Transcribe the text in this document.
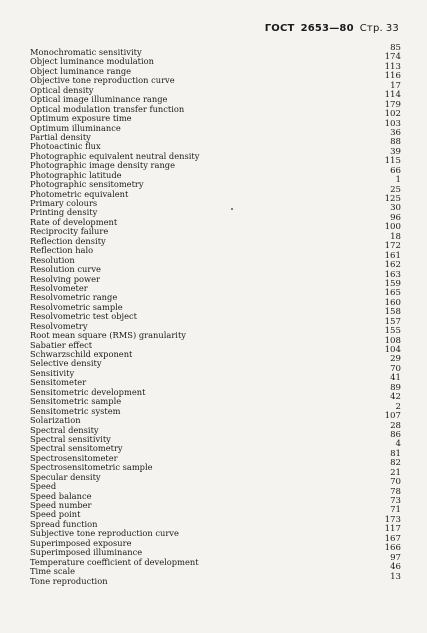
ГОСТ 2653—80 Стр. 33
Monochromatic sensitivity	85
Object luminance modulation	174
Object luminance range	113
Objective tone reproduction curve	116
Optical density	17
Optical image illuminance range	114
Optical modulation transfer function	179
Optimum exposure time	102
Optimum illuminance	103
Partial density	36
Photoactinic flux	88
Photographic equivalent neutral density	39
Photographic image density range	115
Photographic latitude	66
Photographic sensitometry	1
Photometric equivalent	25
Primary colours	125
Printing density	30
Rate of development	96
Reciprocity failure	100
Reflection density	18
Reflection halo	172
Resolution	161
Resolution curve	162
Resolving power	163
Resolvometer	159
Resolvometric range	165
Resolvometric sample	160
Resolvometric test object	158
Resolvometry	157
Root mean square (RMS) granularity	155
Sabatier effect	108
Schwarzschild exponent	104
Selective density	29
Sensitivity	70
Sensitometer	41
Sensitometric development	89
Sensitometric sample	42
Sensitometric system	2
Solarization	107
Spectral density	28
Spectral sensitivity	86
Spectral sensitometry	4
Spectrosensitometer	81
Spectrosensitometric sample	82
Specular density	21
Speed	70
Speed balance	78
Speed number	73
Speed point	71
Spread function	173
Subjective tone reproduction curve	117
Superimposed exposure	167
Superimposed illuminance	166
Temperature coefficient of development	97
Time scale	46
Tone reproduction	13
